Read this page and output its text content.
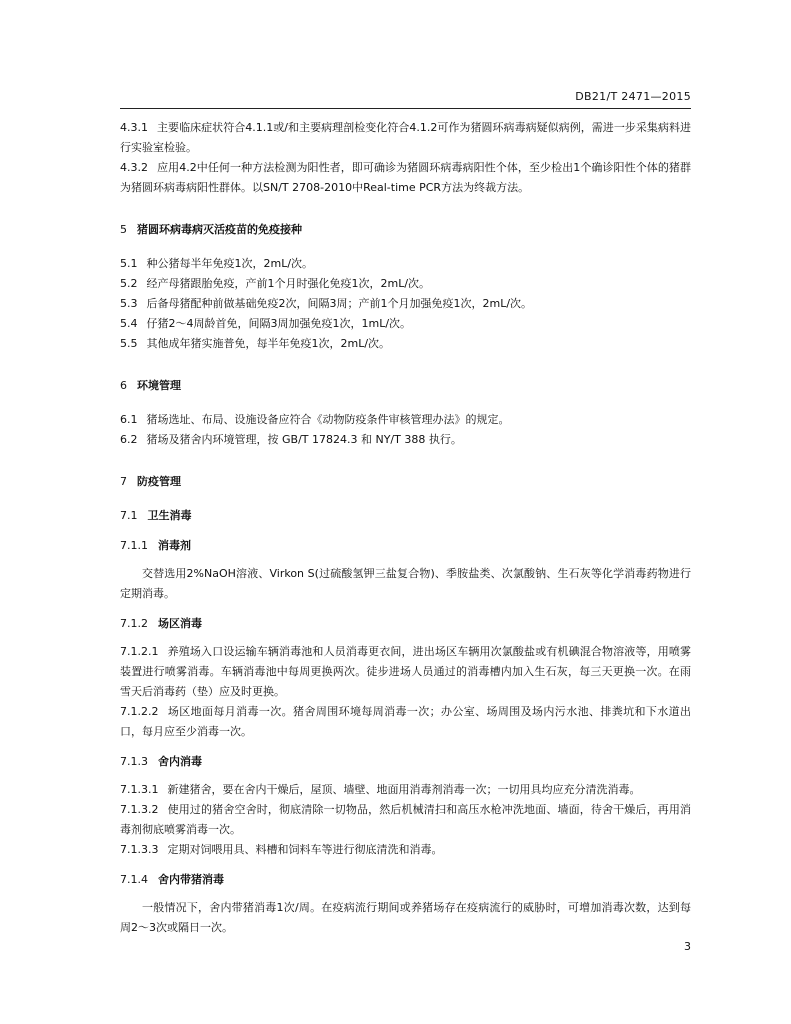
DB21/T 2471—2015
4.3.1 主要临床症状符合4.1.1或/和主要病理剖检变化符合4.1.2可作为猪圆环病毒病疑似病例，需进一步采集病料进行实验室检验。
4.3.2 应用4.2中任何一种方法检测为阳性者，即可确诊为猪圆环病毒病阳性个体，至少检出1个确诊阳性个体的猪群为猪圆环病毒病阳性群体。以SN/T 2708-2010中Real-time PCR方法为终裁方法。
5 猪圆环病毒病灭活疫苗的免疫接种
5.1 种公猪每半年免疫1次，2mL/次。
5.2 经产母猪跟胎免疫，产前1个月时强化免疫1次，2mL/次。
5.3 后备母猪配种前做基础免疫2次，间隔3周；产前1个月加强免疫1次，2mL/次。
5.4 仔猪2～4周龄首免，间隔3周加强免疫1次，1mL/次。
5.5 其他成年猪实施普免，每半年免疫1次，2mL/次。
6 环境管理
6.1 猪场选址、布局、设施设备应符合《动物防疫条件审核管理办法》的规定。
6.2 猪场及猪舍内环境管理，按 GB/T 17824.3 和 NY/T 388 执行。
7 防疫管理
7.1 卫生消毒
7.1.1 消毒剂
交替选用2%NaOH溶液、Virkon S(过硫酸氢钾三盐复合物)、季胺盐类、次氯酸钠、生石灰等化学消毒药物进行定期消毒。
7.1.2 场区消毒
7.1.2.1 养殖场入口设运输车辆消毒池和人员消毒更衣间，进出场区车辆用次氯酸盐或有机碘混合物溶液等，用喷雾装置进行喷雾消毒。车辆消毒池中每周更换两次。徒步进场人员通过的消毒槽内加入生石灰，每三天更换一次。在雨雪天后消毒药（垫）应及时更换。
7.1.2.2 场区地面每月消毒一次。猪舍周围环境每周消毒一次；办公室、场周围及场内污水池、排粪坑和下水道出口，每月应至少消毒一次。
7.1.3 舍内消毒
7.1.3.1 新建猪舍，要在舍内干燥后，屋顶、墙壁、地面用消毒剂消毒一次；一切用具均应充分清洗消毒。
7.1.3.2 使用过的猪舍空舍时，彻底清除一切物品，然后机械清扫和高压水枪冲洗地面、墙面，待舍干燥后，再用消毒剂彻底喷雾消毒一次。
7.1.3.3 定期对饲喂用具、料槽和饲料车等进行彻底清洗和消毒。
7.1.4 舍内带猪消毒
一般情况下，舍内带猪消毒1次/周。在疫病流行期间或养猪场存在疫病流行的威胁时，可增加消毒次数，达到每周2～3次或隔日一次。
3
